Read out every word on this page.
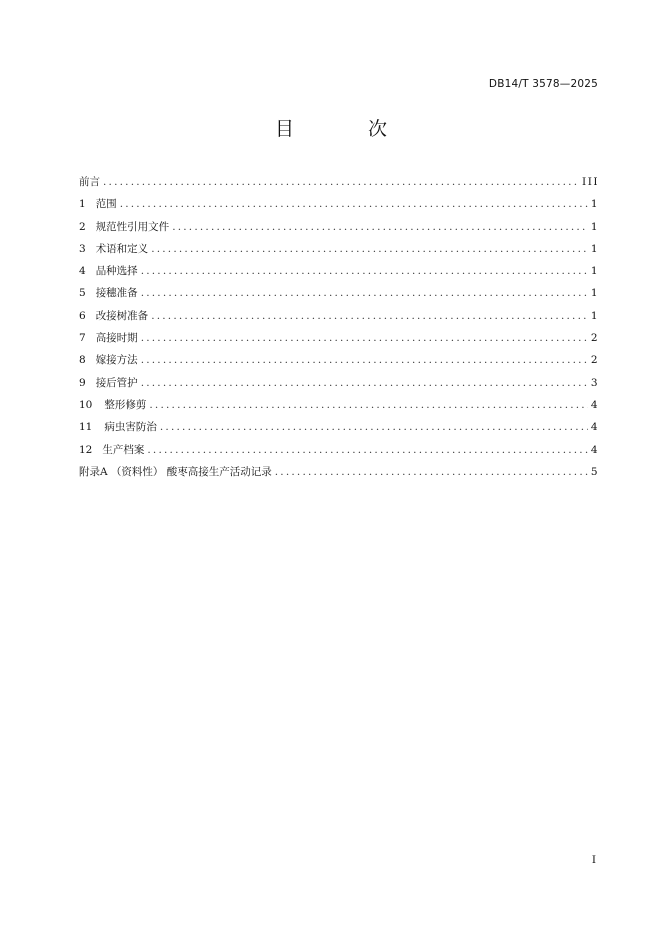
DB14/T 3578—2025
目 次
前言 .....	III
1 范围 .....	1
2 规范性引用文件 .....	1
3 术语和定义 .....	1
4 品种选择 .....	1
5 接穗准备 .....	1
6 改接树准备 .....	1
7 高接时期 .....	2
8 嫁接方法 .....	2
9 接后管护 .....	3
10 整形修剪 .....	4
11 病虫害防治 .....	4
12 生产档案 .....	4
附录A （资料性） 酸枣高接生产活动记录 .....	5
I
